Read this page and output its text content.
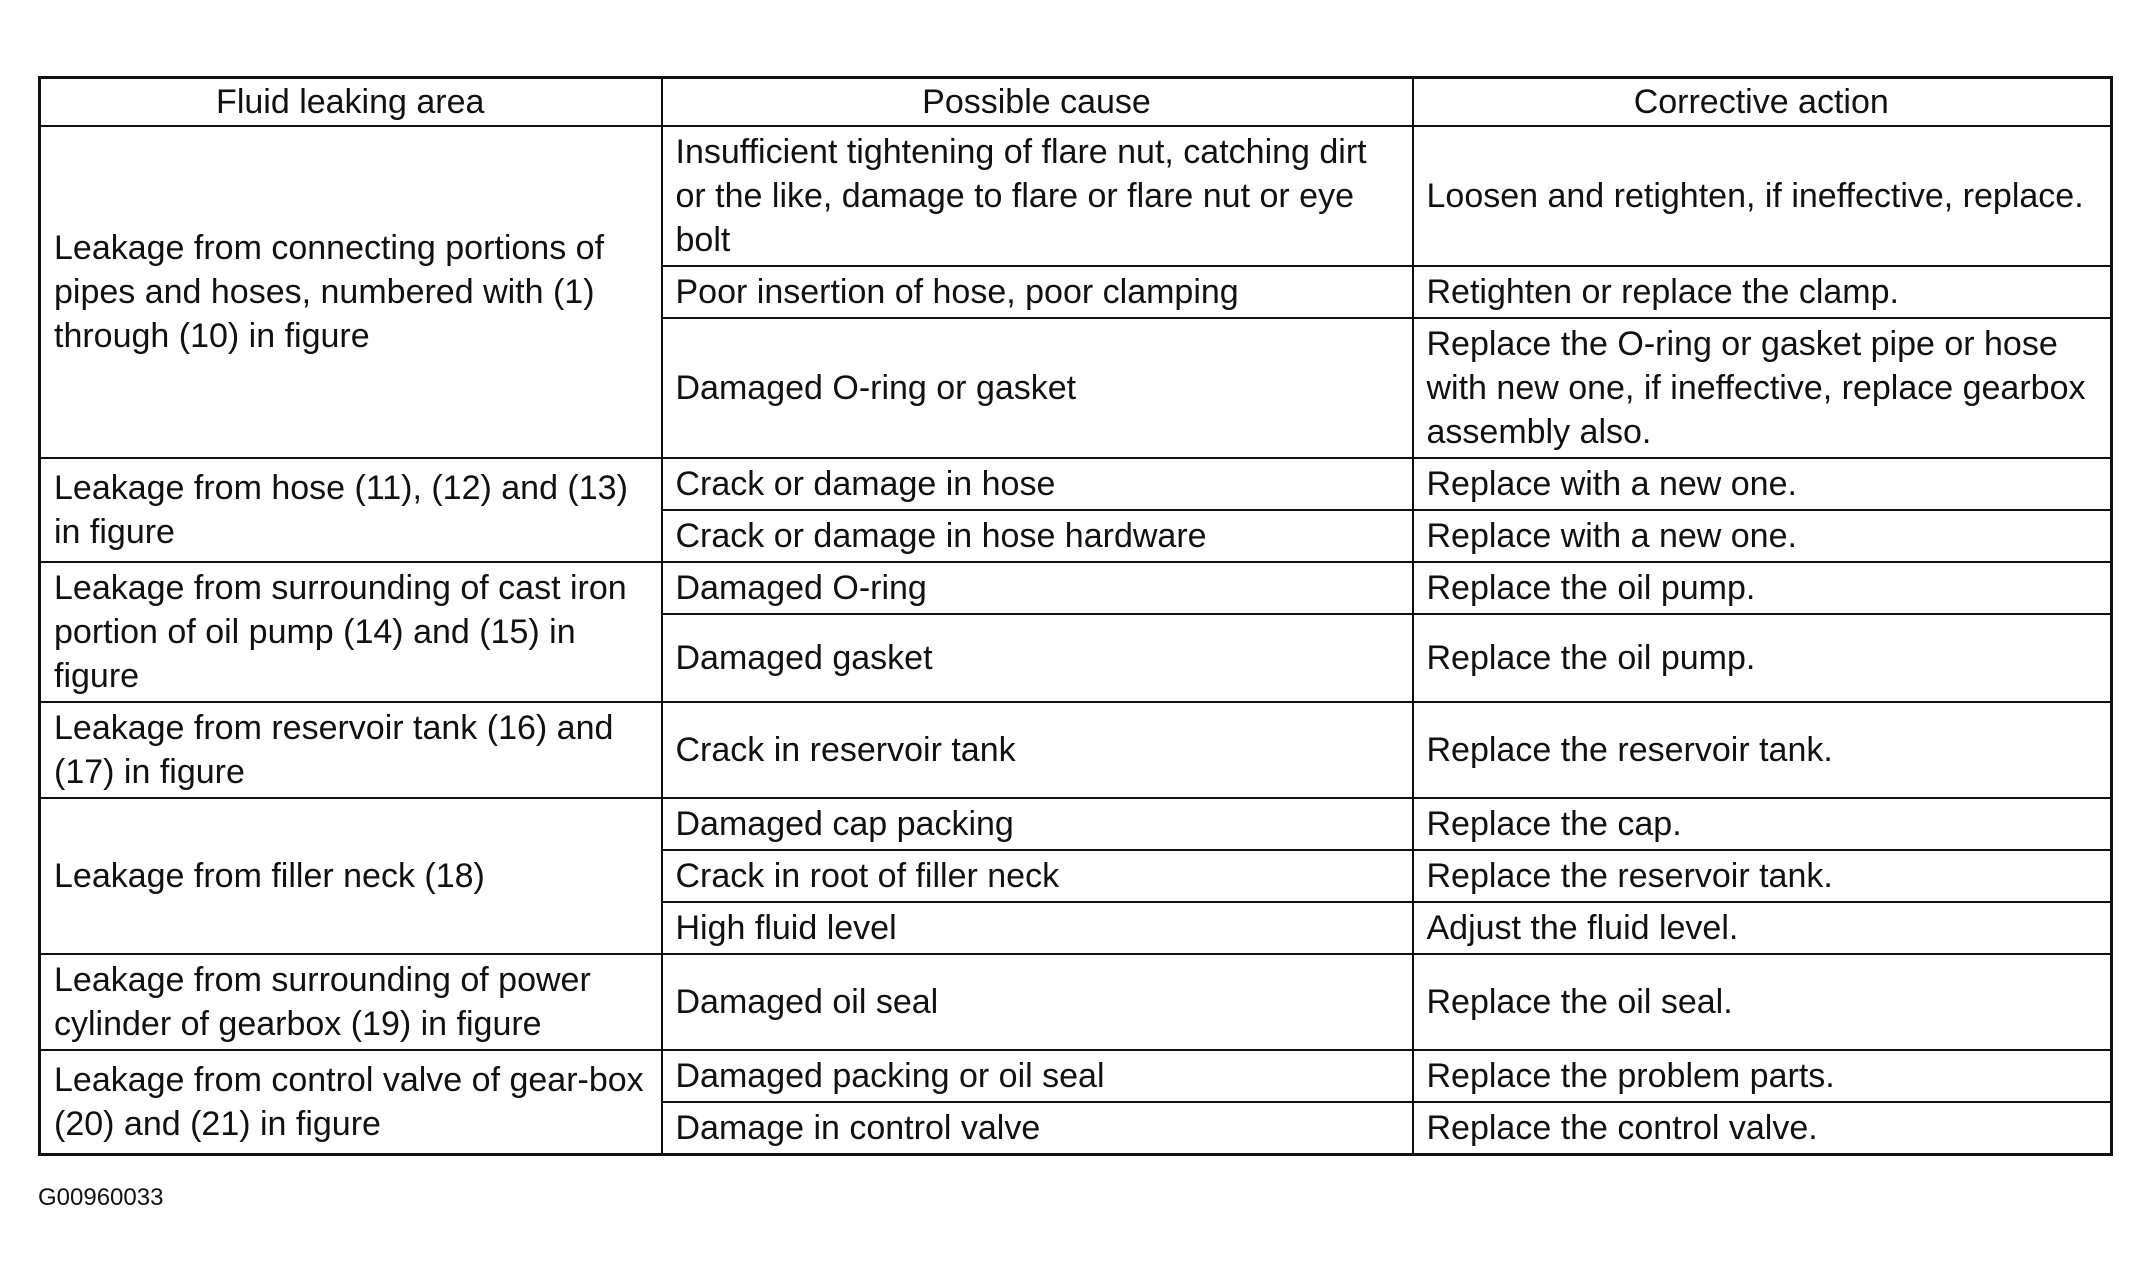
Fluid leaking area	Possible cause	Corrective action
Leakage from connecting portions of pipes and hoses, numbered with (1) through (10) in figure	Insufficient tightening of flare nut, catching dirt or the like, damage to flare or flare nut or eye bolt	Loosen and retighten, if ineffective, replace.
	Poor insertion of hose, poor clamping	Retighten or replace the clamp.
	Damaged O-ring or gasket	Replace the O-ring or gasket pipe or hose with new one, if ineffective, replace gearbox assembly also.
Leakage from hose (11), (12) and (13) in figure	Crack or damage in hose	Replace with a new one.
	Crack or damage in hose hardware	Replace with a new one.
Leakage from surrounding of cast iron portion of oil pump (14) and (15) in figure	Damaged O-ring	Replace the oil pump.
	Damaged gasket	Replace the oil pump.
Leakage from reservoir tank (16) and (17) in figure	Crack in reservoir tank	Replace the reservoir tank.
Leakage from filler neck (18)	Damaged cap packing	Replace the cap.
	Crack in root of filler neck	Replace the reservoir tank.
	High fluid level	Adjust the fluid level.
Leakage from surrounding of power cylinder of gearbox (19) in figure	Damaged oil seal	Replace the oil seal.
Leakage from control valve of gear-box (20) and (21) in figure	Damaged packing or oil seal	Replace the problem parts.
	Damage in control valve	Replace the control valve.
G00960033
